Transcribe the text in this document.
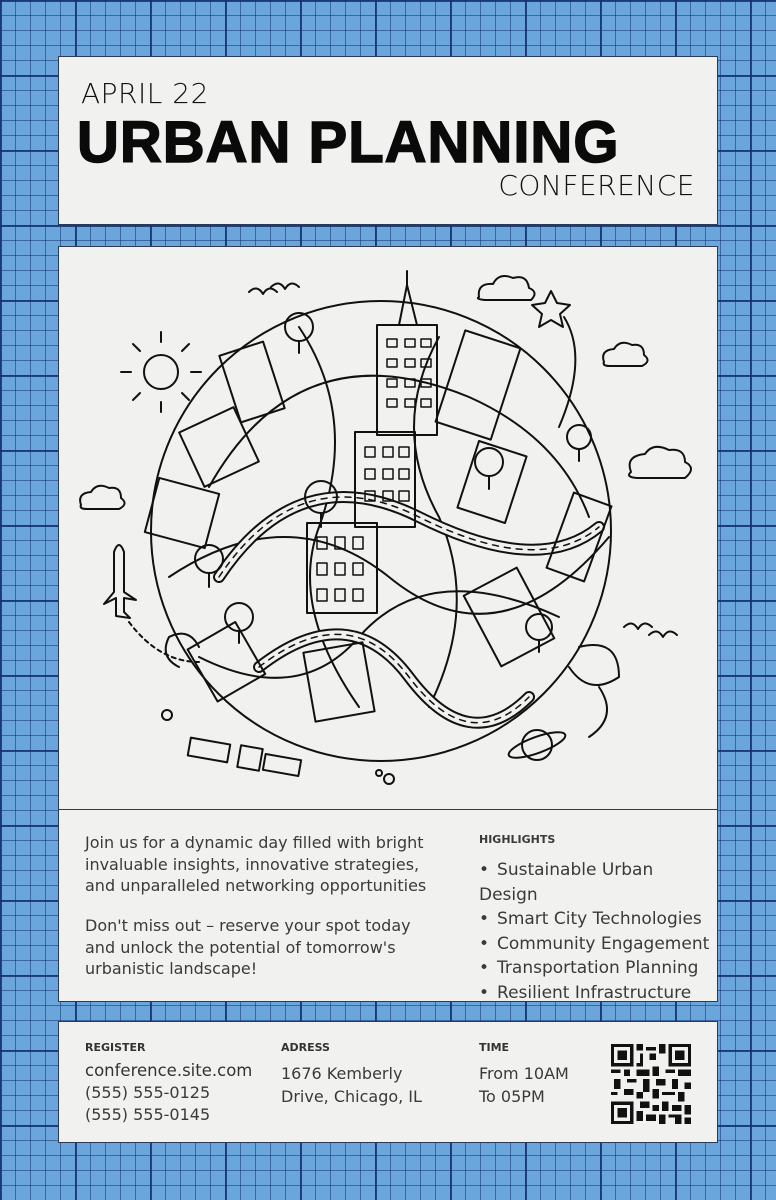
APRIL 22
URBAN PLANNING
CONFERENCE
Join us for a dynamic day filled with bright invaluable insights, innovative strategies, and unparalleled networking opportunities
Don't miss out – reserve your spot today and unlock the potential of tomorrow's urbanistic landscape!
HIGHLIGHTS
• Sustainable Urban Design
• Smart City Technologies
• Community Engagement
• Transportation Planning
• Resilient Infrastructure
REGISTER
conference.site.com
(555) 555-0125
(555) 555-0145
ADRESS
1676 Kemberly
Drive, Chicago, IL
TIME
From 10AM
To 05PM
